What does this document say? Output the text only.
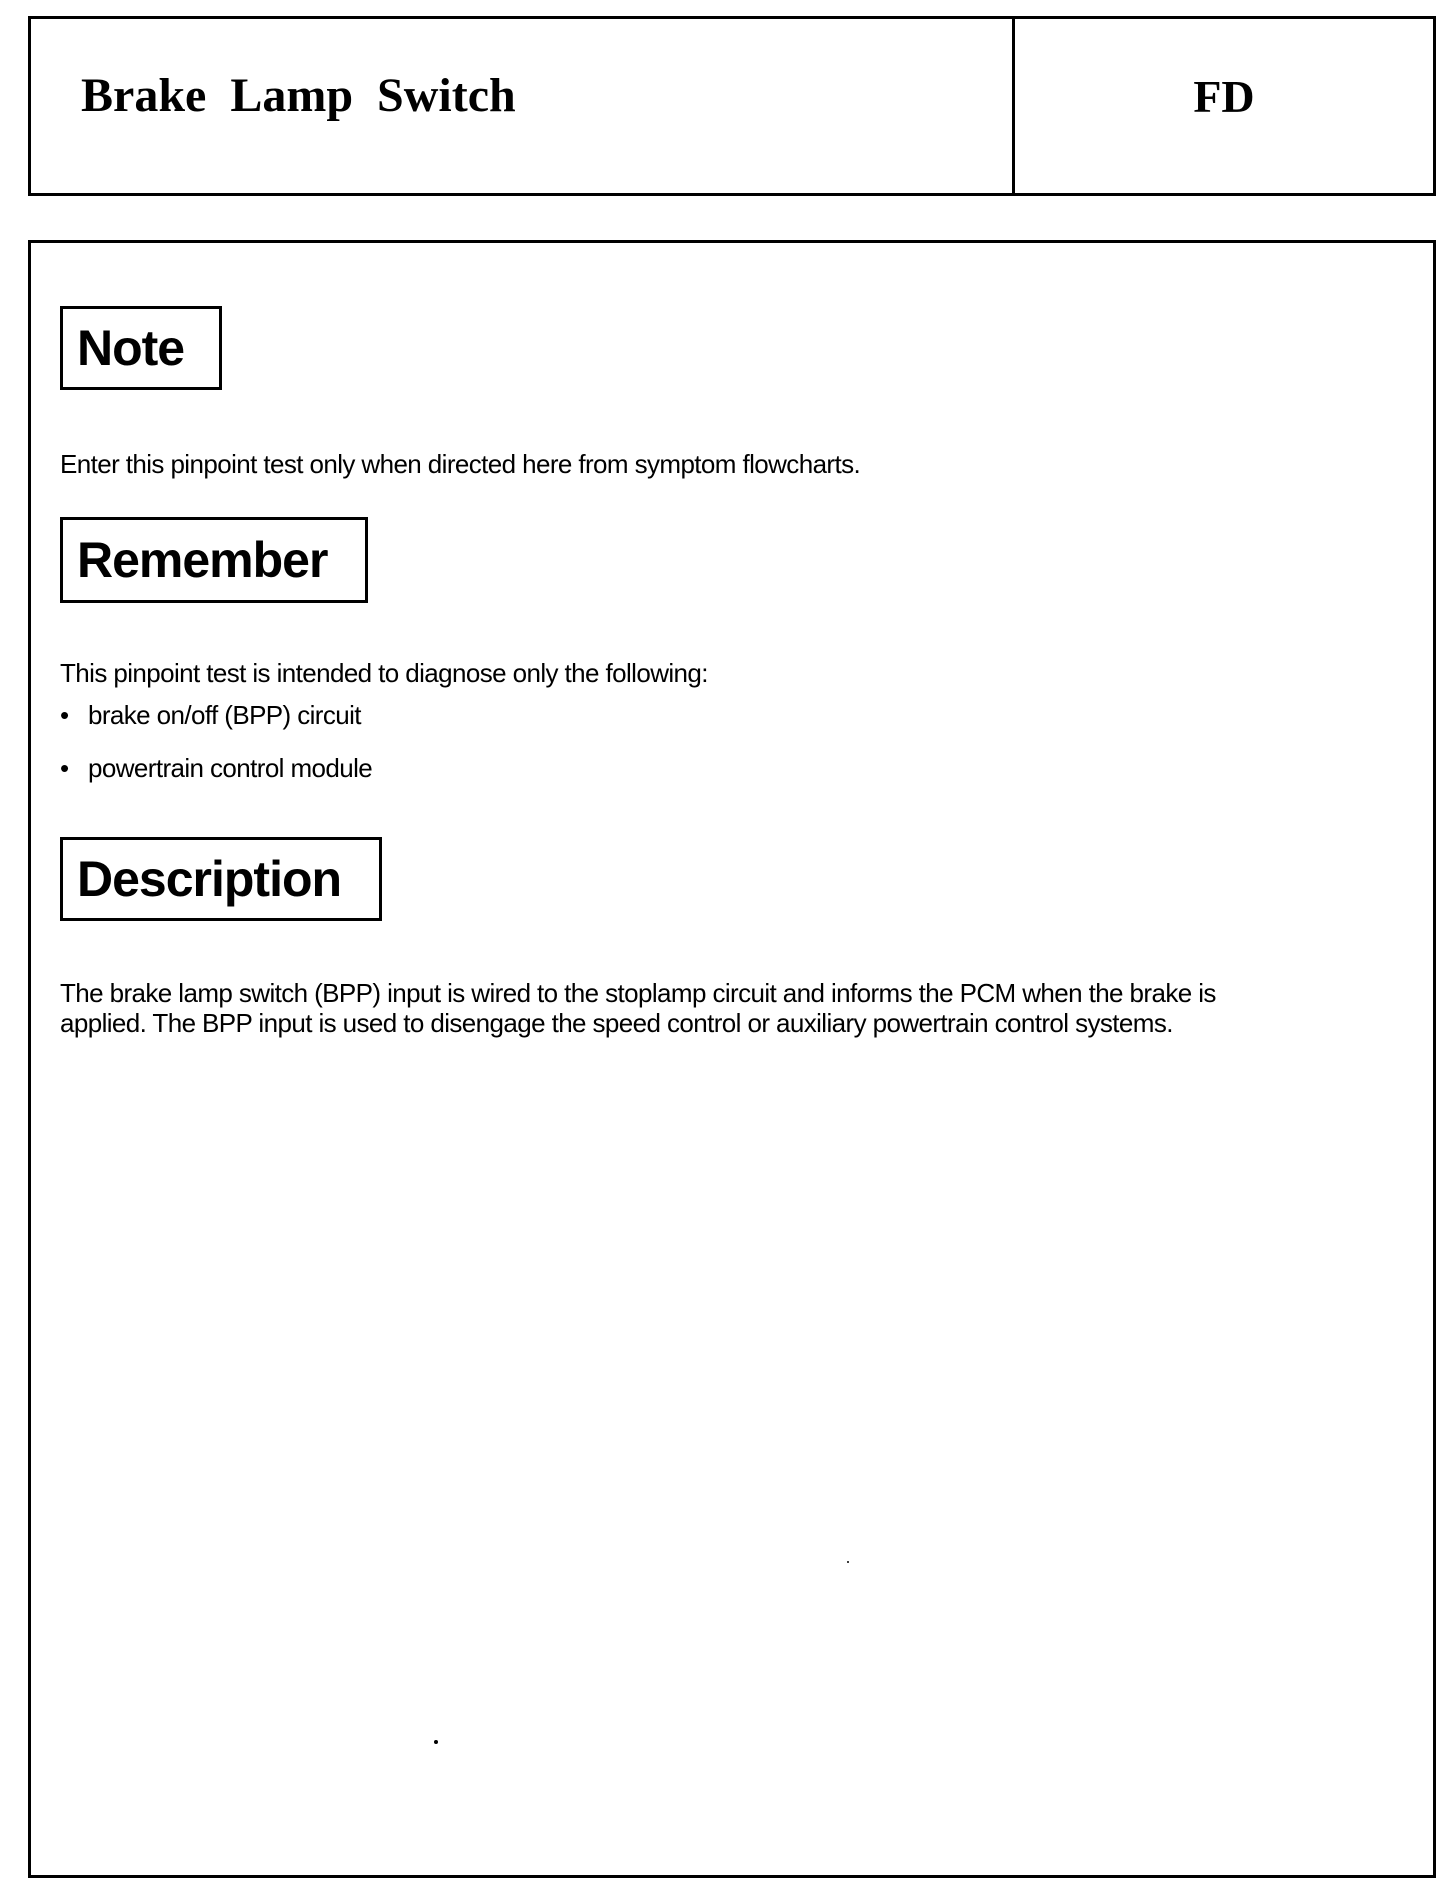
Brake Lamp Switch	FD
Note

Enter this pinpoint test only when directed here from symptom flowcharts.

Remember

This pinpoint test is intended to diagnose only the following:

• brake on/off (BPP) circuit
• powertrain control module
Description

The brake lamp switch (BPP) input is wired to the stoplamp circuit and informs the PCM when the brake is

applied. The BPP input is used to disengage the speed control or auxiliary powertrain control systems.
